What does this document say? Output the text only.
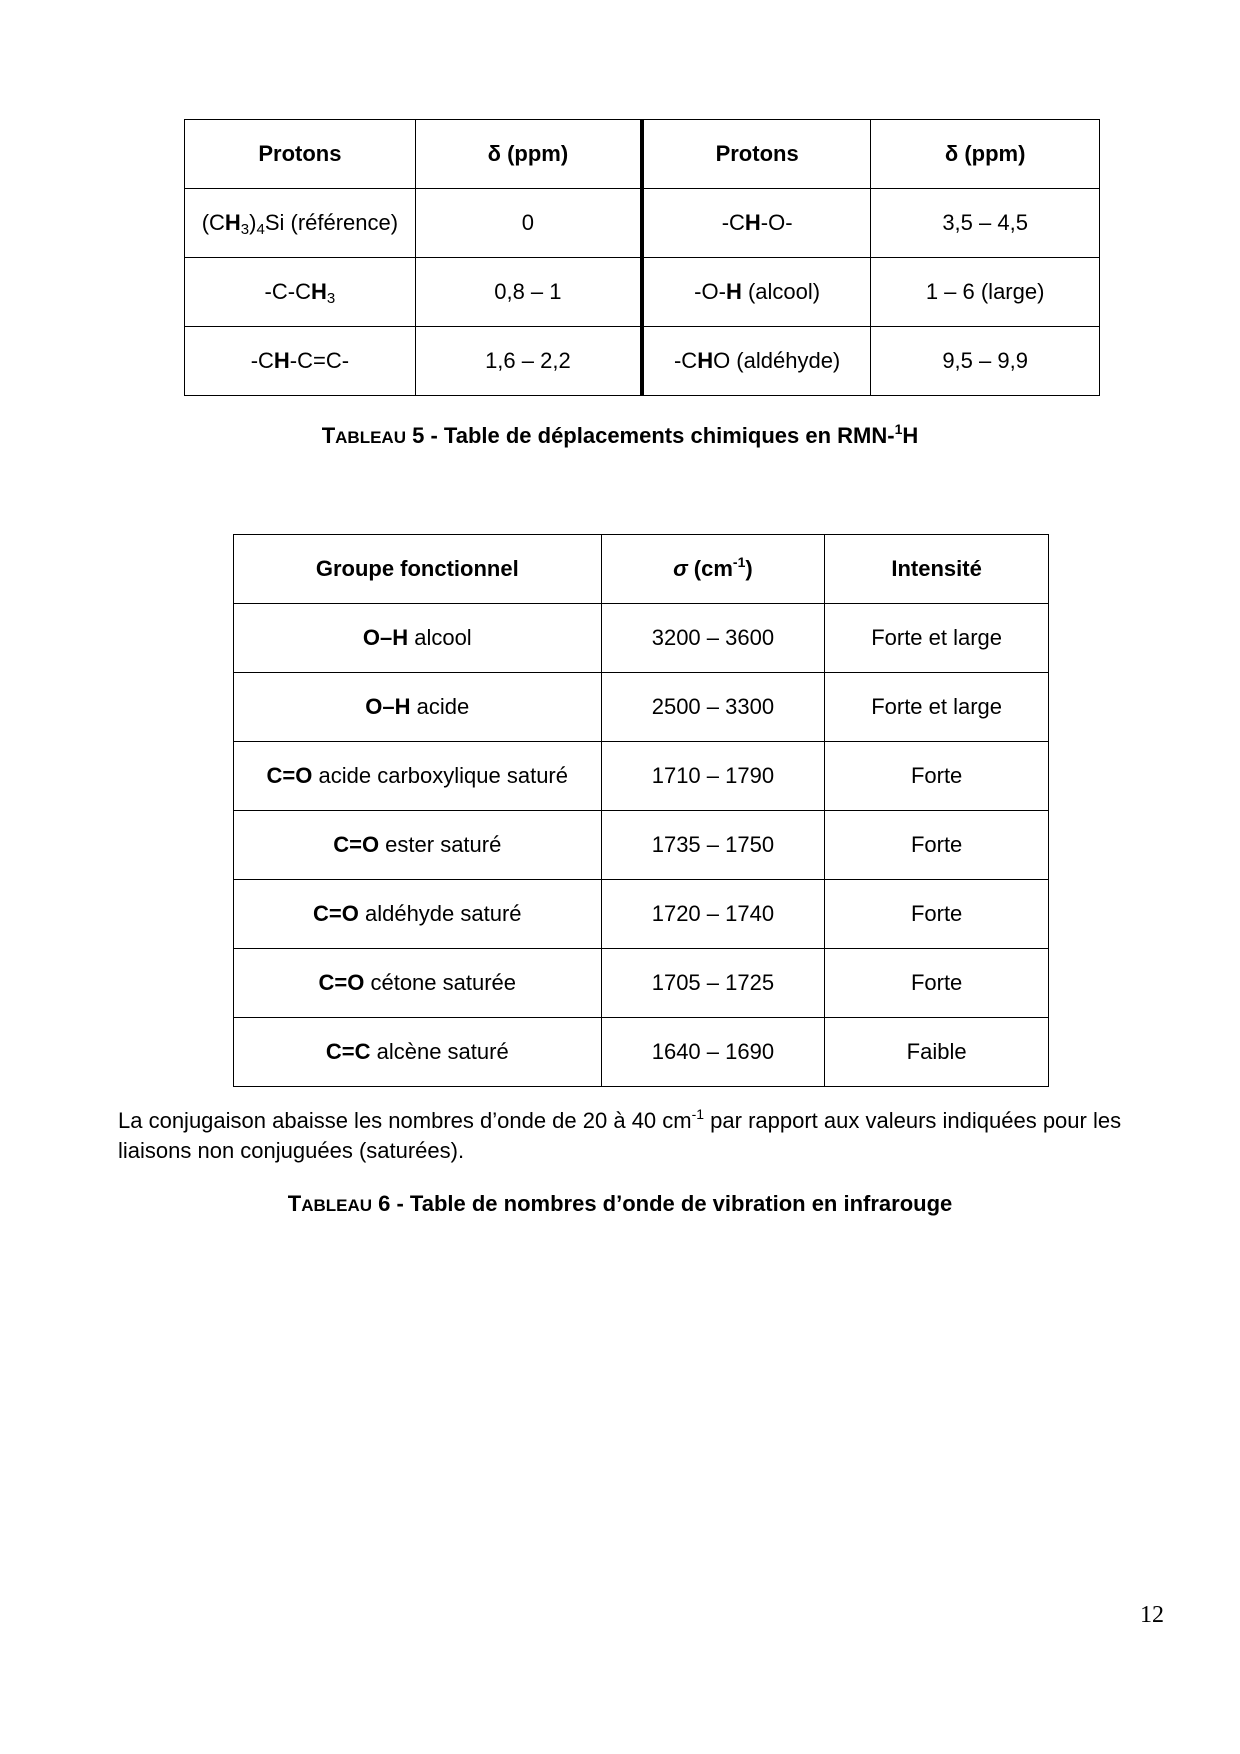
Protons	δ (ppm)	Protons	δ (ppm)
$(CH_3)_4Si$ (référence)	0	-CH-O-	3,5 – 4,5
$-C-CH_3$	0,8 – 1	-O-H (alcool)	1 – 6 (large)
-CH-C=C-	1,6 – 2,2	-CHO (aldéhyde)	9,5 – 9,9
TABLEAU 5 - Table de déplacements chimiques en RMN-$^1$H
Groupe fonctionnel	σ $(cm^{-1})$	Intensité
O–H alcool	3200 – 3600	Forte et large
O–H acide	2500 – 3300	Forte et large
C=O acide carboxylique saturé	1710 – 1790	Forte
C=O ester saturé	1735 – 1750	Forte
C=O aldéhyde saturé	1720 – 1740	Forte
C=O cétone saturée	1705 – 1725	Forte
C=C alcène saturé	1640 – 1690	Faible
La conjugaison abaisse les nombres d’onde de 20 à 40 $cm^{-1}$ par rapport aux valeurs indiquées pour les liaisons non conjuguées (saturées).
TABLEAU 6 - Table de nombres d’onde de vibration en infrarouge
12
